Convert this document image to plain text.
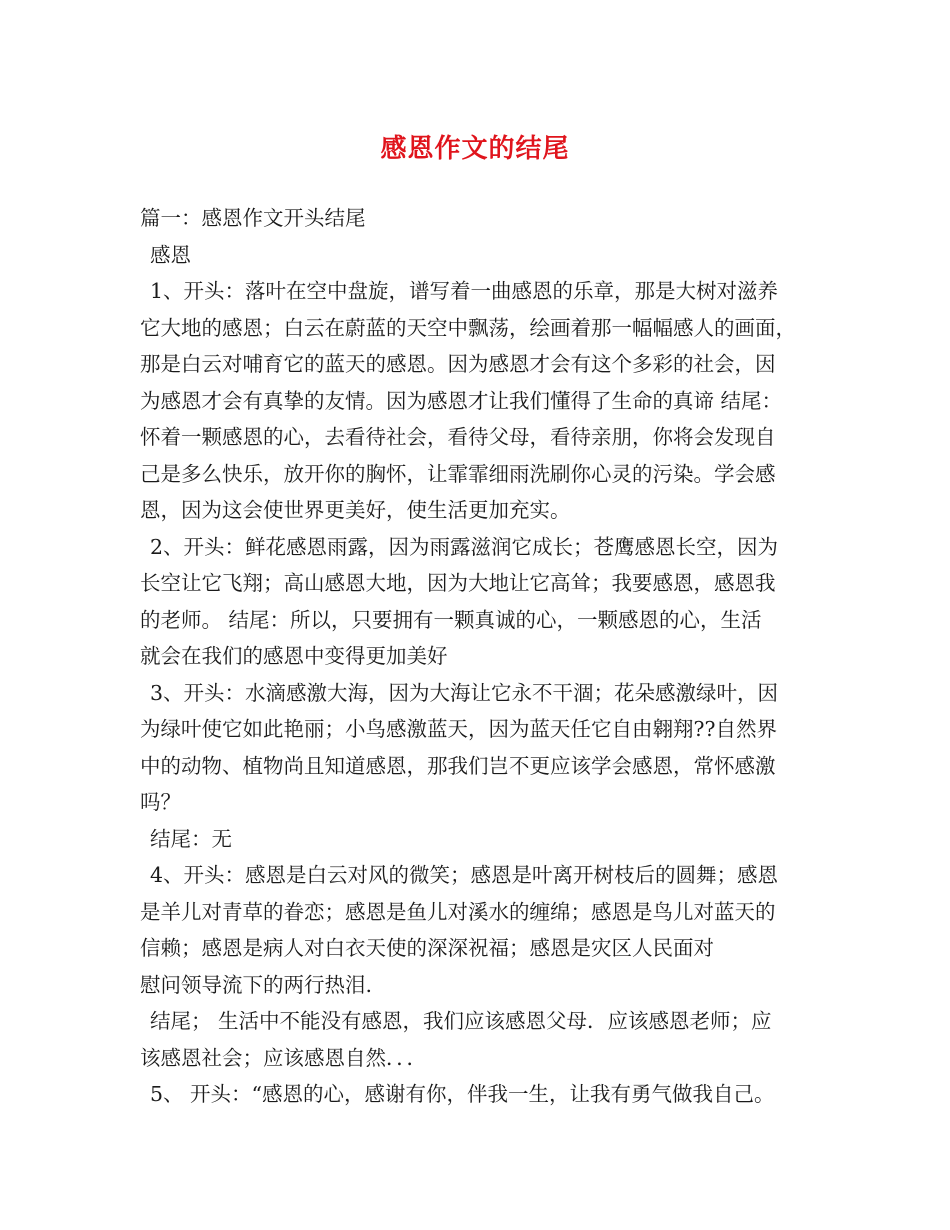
感恩作文的结尾
篇一：感恩作文开头结尾
感恩
1、开头：落叶在空中盘旋，谱写着一曲感恩的乐章，那是大树对滋养
它大地的感恩；白云在蔚蓝的天空中飘荡，绘画着那一幅幅感人的画面，
那是白云对哺育它的蓝天的感恩。因为感恩才会有这个多彩的社会，因
为感恩才会有真挚的友情。因为感恩才让我们懂得了生命的真谛 结尾：
怀着一颗感恩的心，去看待社会，看待父母，看待亲朋，你将会发现自
己是多么快乐，放开你的胸怀，让霏霏细雨洗刷你心灵的污染。学会感
恩，因为这会使世界更美好，使生活更加充实。
2、开头：鲜花感恩雨露，因为雨露滋润它成长；苍鹰感恩长空，因为
长空让它飞翔；高山感恩大地，因为大地让它高耸；我要感恩，感恩我
的老师。 结尾：所以，只要拥有一颗真诚的心，一颗感恩的心，生活
就会在我们的感恩中变得更加美好
3、开头：水滴感激大海，因为大海让它永不干涸；花朵感激绿叶，因
为绿叶使它如此艳丽；小鸟感激蓝天，因为蓝天任它自由翱翔??自然界
中的动物、植物尚且知道感恩，那我们岂不更应该学会感恩，常怀感激
吗？
结尾：无
4、开头：感恩是白云对风的微笑；感恩是叶离开树枝后的圆舞；感恩
是羊儿对青草的眷恋；感恩是鱼儿对溪水的缠绵；感恩是鸟儿对蓝天的
信赖；感恩是病人对白衣天使的深深祝福；感恩是灾区人民面对
慰问领导流下的两行热泪.
结尾； 生活中不能没有感恩，我们应该感恩父母．应该感恩老师；应
该感恩社会；应该感恩自然．．．
5、 开头：“感恩的心，感谢有你，伴我一生，让我有勇气做我自己。
